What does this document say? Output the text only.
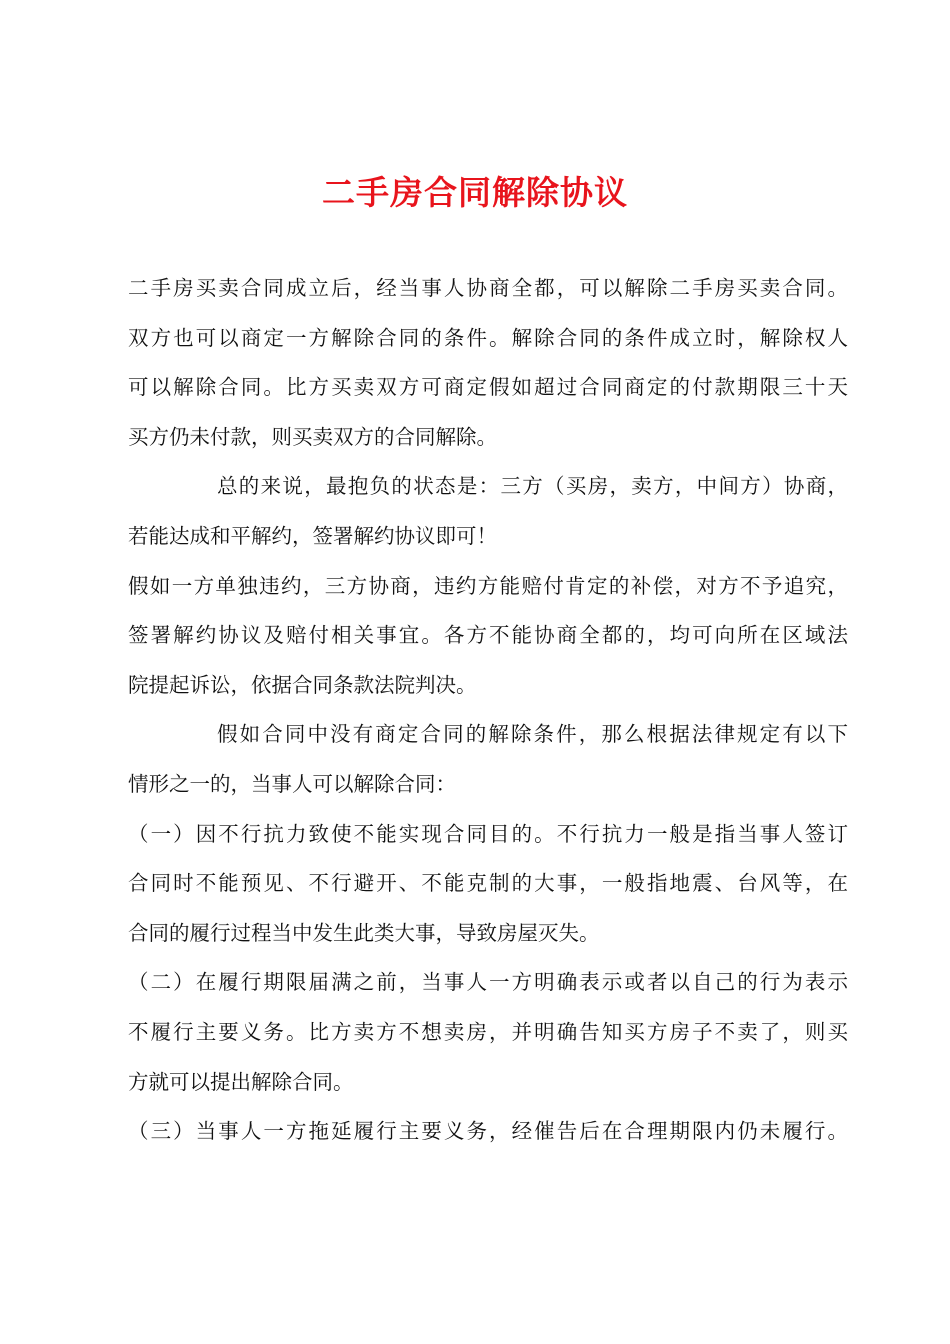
二手房合同解除协议
二手房买卖合同成立后，经当事人协商全都，可以解除二手房买卖合同。
双方也可以商定一方解除合同的条件。解除合同的条件成立时，解除权人
可以解除合同。比方买卖双方可商定假如超过合同商定的付款期限三十天
买方仍未付款，则买卖双方的合同解除。
总的来说，最抱负的状态是：三方（买房，卖方，中间方）协商，
若能达成和平解约，签署解约协议即可！
假如一方单独违约，三方协商，违约方能赔付肯定的补偿，对方不予追究，
签署解约协议及赔付相关事宜。各方不能协商全都的，均可向所在区域法
院提起诉讼，依据合同条款法院判决。
假如合同中没有商定合同的解除条件，那么根据法律规定有以下
情形之一的，当事人可以解除合同：
（一）因不行抗力致使不能实现合同目的。不行抗力一般是指当事人签订
合同时不能预见、不行避开、不能克制的大事，一般指地震、台风等，在
合同的履行过程当中发生此类大事，导致房屋灭失。
（二）在履行期限届满之前，当事人一方明确表示或者以自己的行为表示
不履行主要义务。比方卖方不想卖房，并明确告知买方房子不卖了，则买
方就可以提出解除合同。
（三）当事人一方拖延履行主要义务，经催告后在合理期限内仍未履行。
